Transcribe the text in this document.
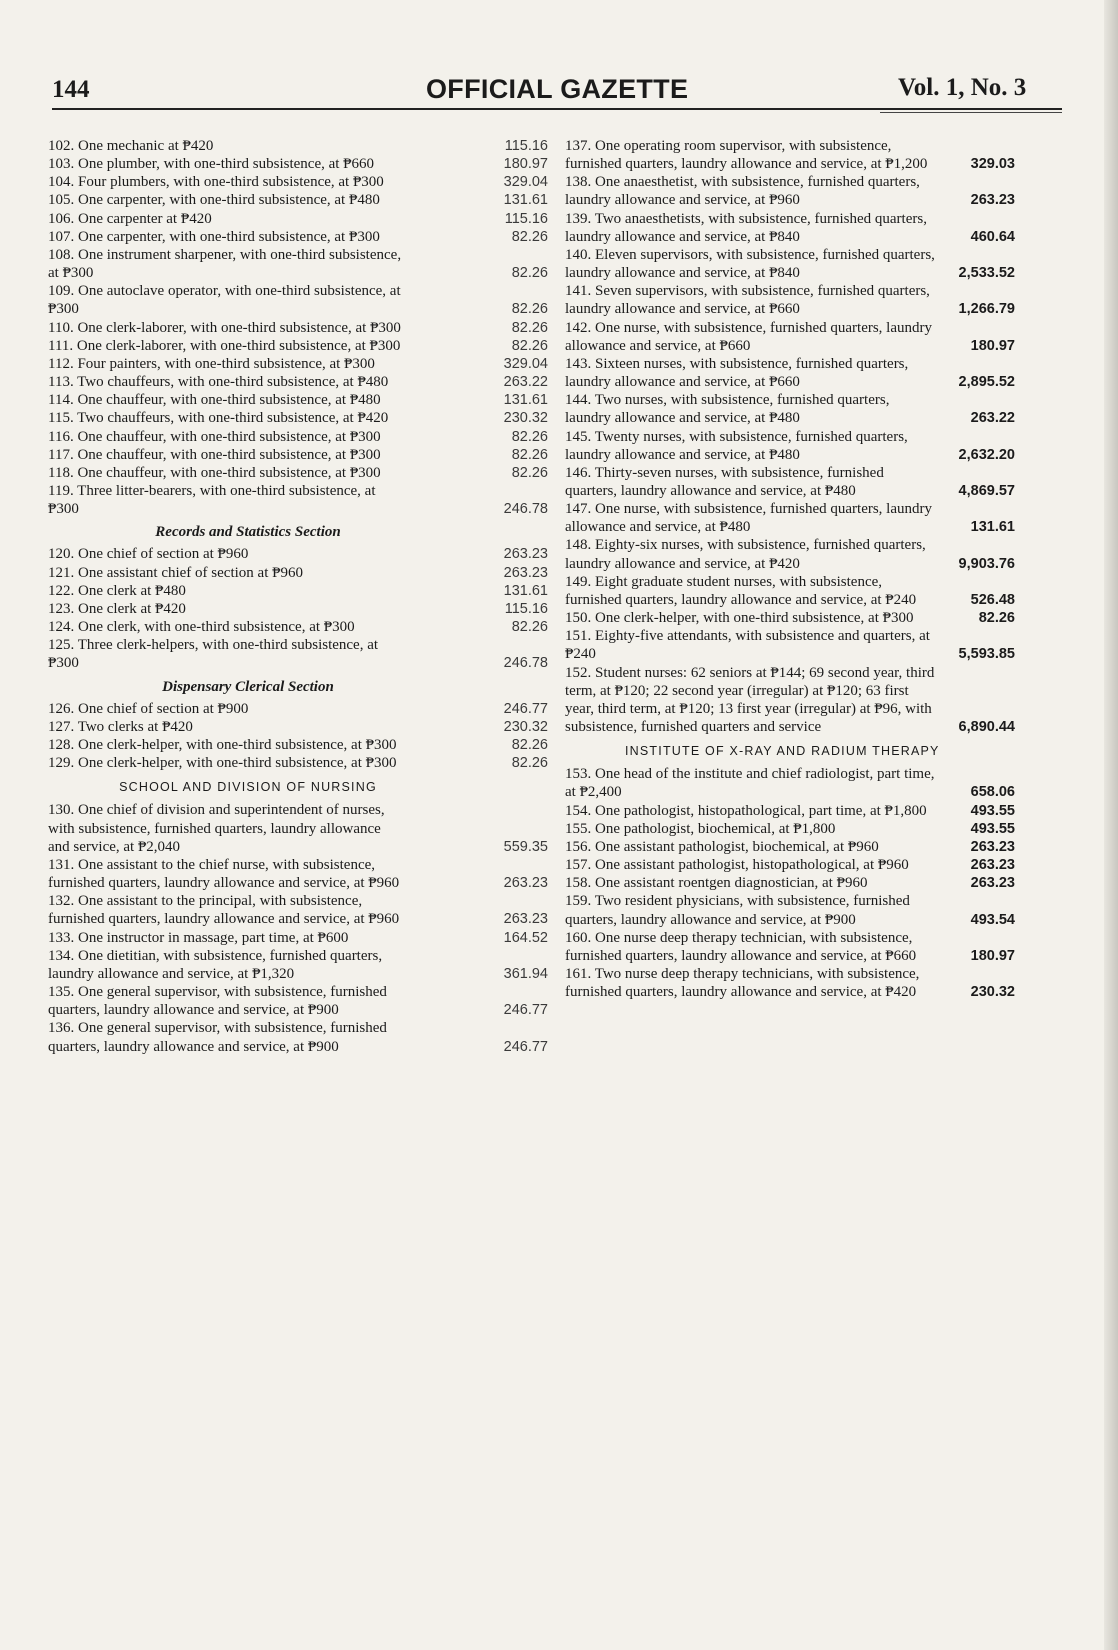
144	OFFICIAL GAZETTE	Vol. 1, No. 3
102. One mechanic at ₱420	115.16
103. One plumber, with one-third subsistence, at ₱660	180.97
104. Four plumbers, with one-third subsistence, at ₱300	329.04
105. One carpenter, with one-third subsistence, at ₱480	131.61
106. One carpenter at ₱420	115.16
107. One carpenter, with one-third subsistence, at ₱300	82.26
108. One instrument sharpener, with one-third subsistence, at ₱300	82.26
109. One autoclave operator, with one-third subsistence, at ₱300	82.26
110. One clerk-laborer, with one-third subsistence, at ₱300	82.26
111. One clerk-laborer, with one-third subsistence, at ₱300	82.26
112. Four painters, with one-third subsistence, at ₱300	329.04
113. Two chauffeurs, with one-third subsistence, at ₱480	263.22
114. One chauffeur, with one-third subsistence, at ₱480	131.61
115. Two chauffeurs, with one-third subsistence, at ₱420	230.32
116. One chauffeur, with one-third subsistence, at ₱300	82.26
117. One chauffeur, with one-third subsistence, at ₱300	82.26
118. One chauffeur, with one-third subsistence, at ₱300	82.26
119. Three litter-bearers, with one-third subsistence, at ₱300	246.78
Records and Statistics Section
120. One chief of section at ₱960	263.23
121. One assistant chief of section at ₱960	263.23
122. One clerk at ₱480	131.61
123. One clerk at ₱420	115.16
124. One clerk, with one-third subsistence, at ₱300	82.26
125. Three clerk-helpers, with one-third subsistence, at ₱300	246.78
Dispensary Clerical Section
126. One chief of section at ₱900	246.77
127. Two clerks at ₱420	230.32
128. One clerk-helper, with one-third subsistence, at ₱300	82.26
129. One clerk-helper, with one-third subsistence, at ₱300	82.26
SCHOOL AND DIVISION OF NURSING
130. One chief of division and superintendent of nurses, with subsistence, furnished quarters, laundry allowance and service, at ₱2,040	559.35
131. One assistant to the chief nurse, with subsistence, furnished quarters, laundry allowance and service, at ₱960	263.23
132. One assistant to the principal, with subsistence, furnished quarters, laundry allowance and service, at ₱960	263.23
133. One instructor in massage, part time, at ₱600	164.52
134. One dietitian, with subsistence, furnished quarters, laundry allowance and service, at ₱1,320	361.94
135. One general supervisor, with subsistence, furnished quarters, laundry allowance and service, at ₱900	246.77
136. One general supervisor, with subsistence, furnished quarters, laundry allowance and service, at ₱900	246.77
137. One operating room supervisor, with subsistence, furnished quarters, laundry allowance and service, at ₱1,200	329.03
138. One anaesthetist, with subsistence, furnished quarters, laundry allowance and service, at ₱960	263.23
139. Two anaesthetists, with subsistence, furnished quarters, laundry allowance and service, at ₱840	460.64
140. Eleven supervisors, with subsistence, furnished quarters, laundry allowance and service, at ₱840	2,533.52
141. Seven supervisors, with subsistence, furnished quarters, laundry allowance and service, at ₱660	1,266.79
142. One nurse, with subsistence, furnished quarters, laundry allowance and service, at ₱660	180.97
143. Sixteen nurses, with subsistence, furnished quarters, laundry allowance and service, at ₱660	2,895.52
144. Two nurses, with subsistence, furnished quarters, laundry allowance and service, at ₱480	263.22
145. Twenty nurses, with subsistence, furnished quarters, laundry allowance and service, at ₱480	2,632.20
146. Thirty-seven nurses, with subsistence, furnished quarters, laundry allowance and service, at ₱480	4,869.57
147. One nurse, with subsistence, furnished quarters, laundry allowance and service, at ₱480	131.61
148. Eighty-six nurses, with subsistence, furnished quarters, laundry allowance and service, at ₱420	9,903.76
149. Eight graduate student nurses, with subsistence, furnished quarters, laundry allowance and service, at ₱240	526.48
150. One clerk-helper, with one-third subsistence, at ₱300	82.26
151. Eighty-five attendants, with subsistence and quarters, at ₱240	5,593.85
152. Student nurses: 62 seniors at ₱144; 69 second year, third term, at ₱120; 22 second year (irregular) at ₱120; 63 first year, third term, at ₱120; 13 first year (irregular) at ₱96, with subsistence, furnished quarters and service	6,890.44
INSTITUTE OF X-RAY AND RADIUM THERAPY
153. One head of the institute and chief radiologist, part time, at ₱2,400	658.06
154. One pathologist, histopathological, part time, at ₱1,800	493.55
155. One pathologist, biochemical, at ₱1,800	493.55
156. One assistant pathologist, biochemical, at ₱960	263.23
157. One assistant pathologist, histopathological, at ₱960	263.23
158. One assistant roentgen diagnostician, at ₱960	263.23
159. Two resident physicians, with subsistence, furnished quarters, laundry allowance and service, at ₱900	493.54
160. One nurse deep therapy technician, with subsistence, furnished quarters, laundry allowance and service, at ₱660	180.97
161. Two nurse deep therapy technicians, with subsistence, furnished quarters, laundry allowance and service, at ₱420	230.32
